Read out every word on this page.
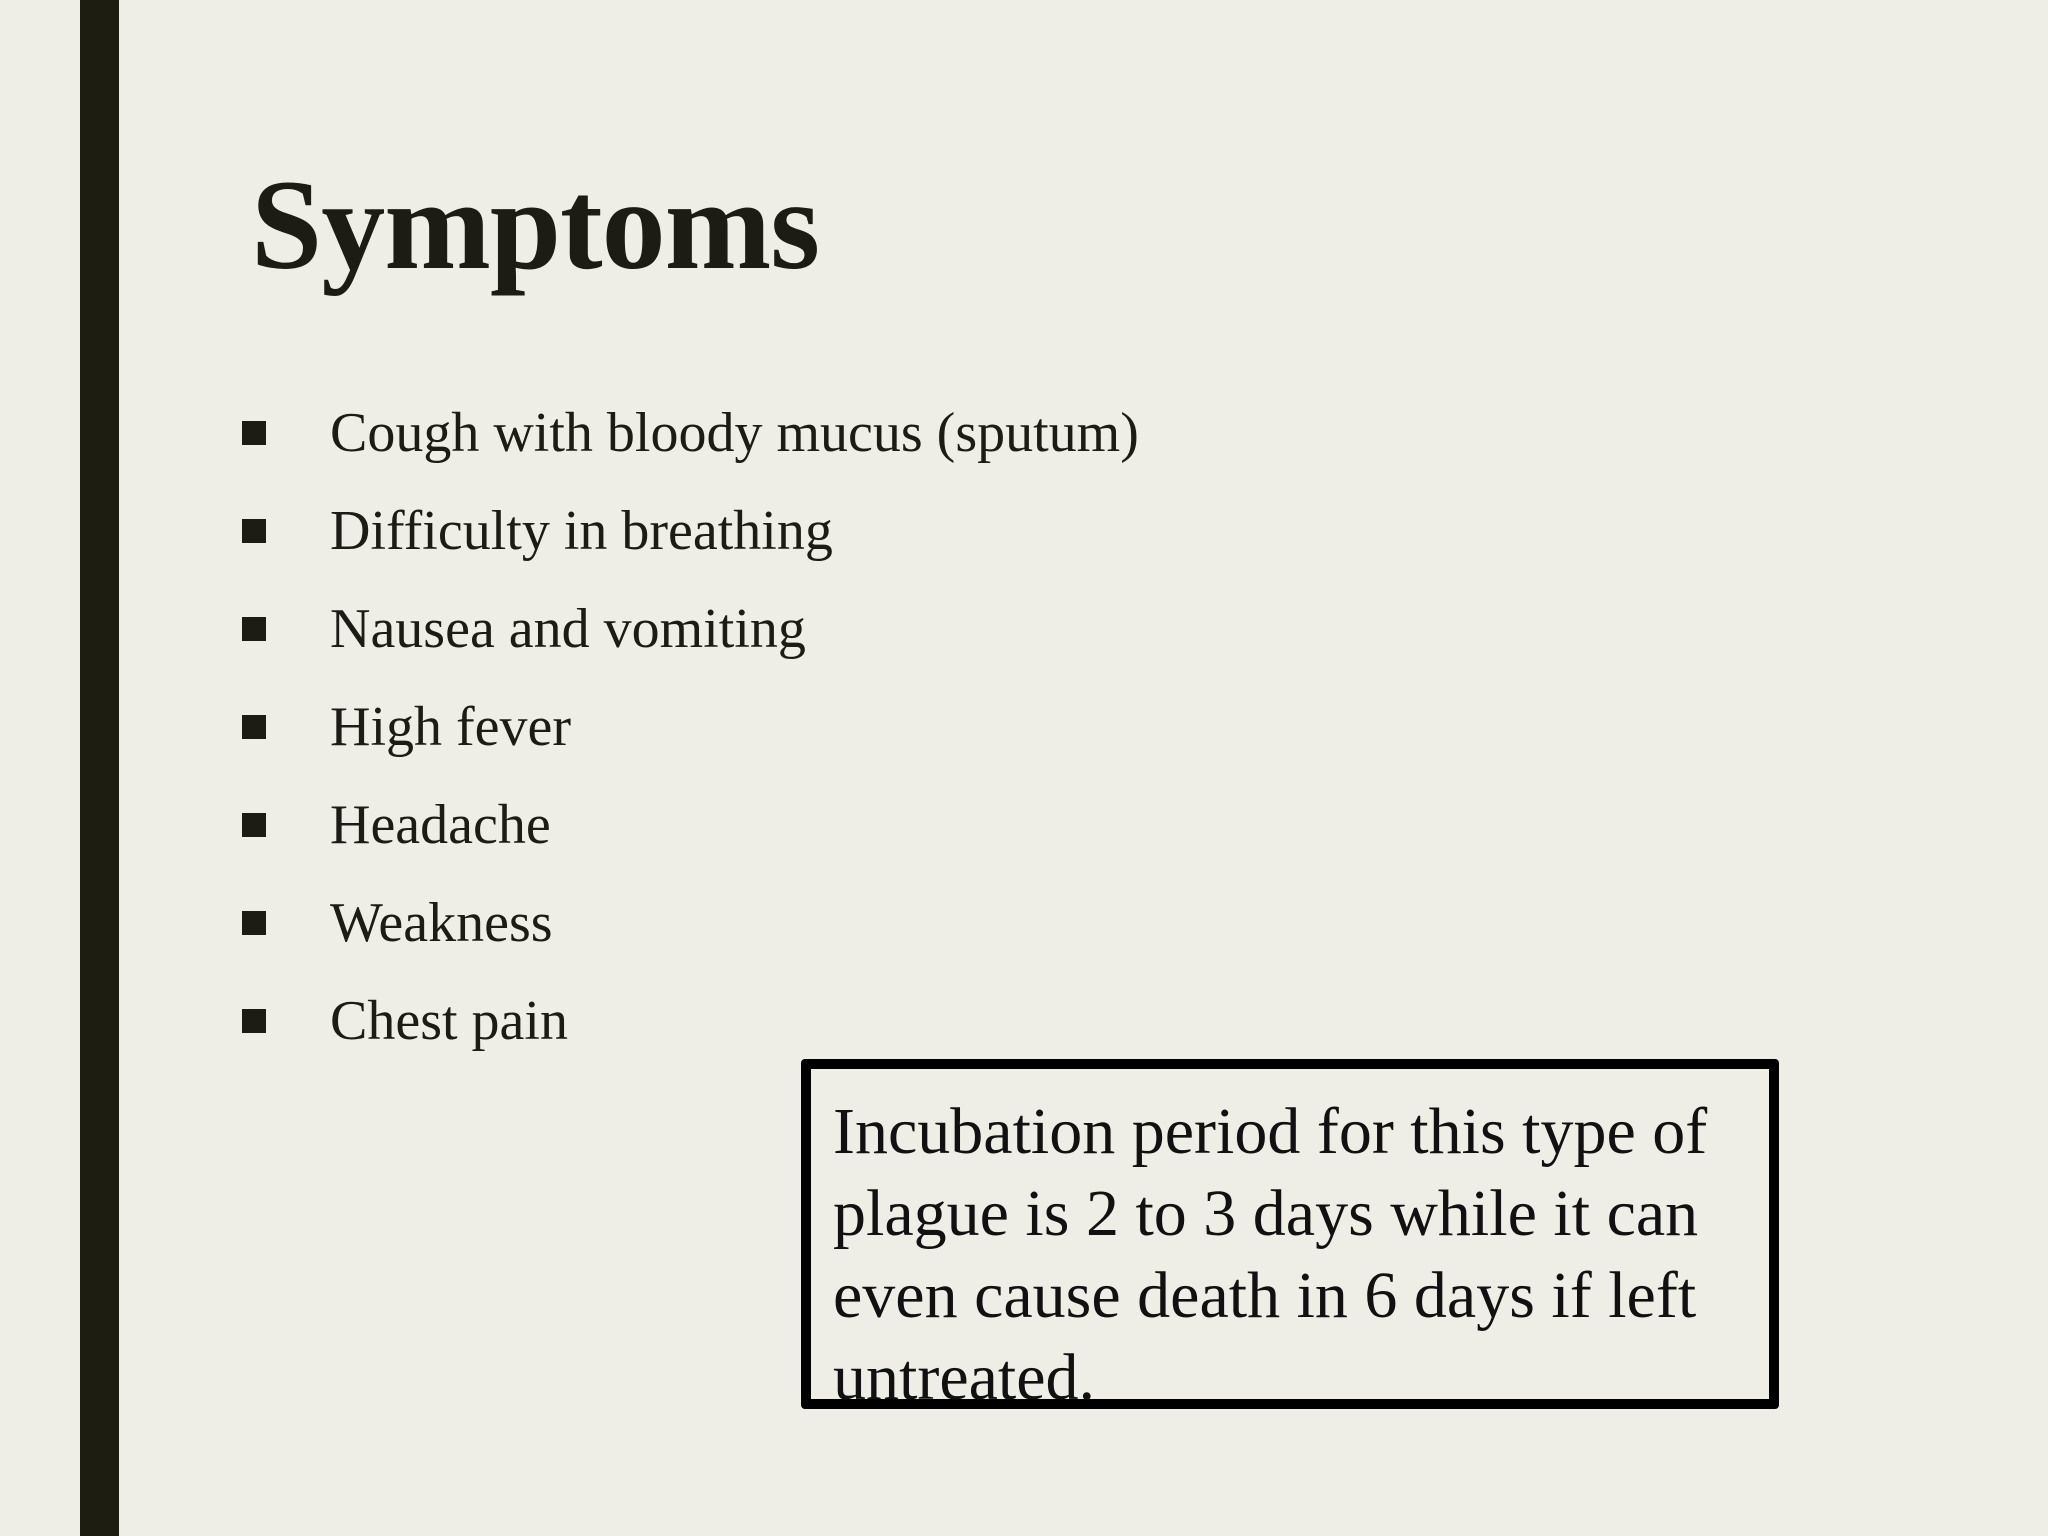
Symptoms
Cough with bloody mucus (sputum)
Difficulty in breathing
Nausea and vomiting
High fever
Headache
Weakness
Chest pain

Incubation period for this type of plague is 2 to 3 days while it can even cause death in 6 days if left untreated.
